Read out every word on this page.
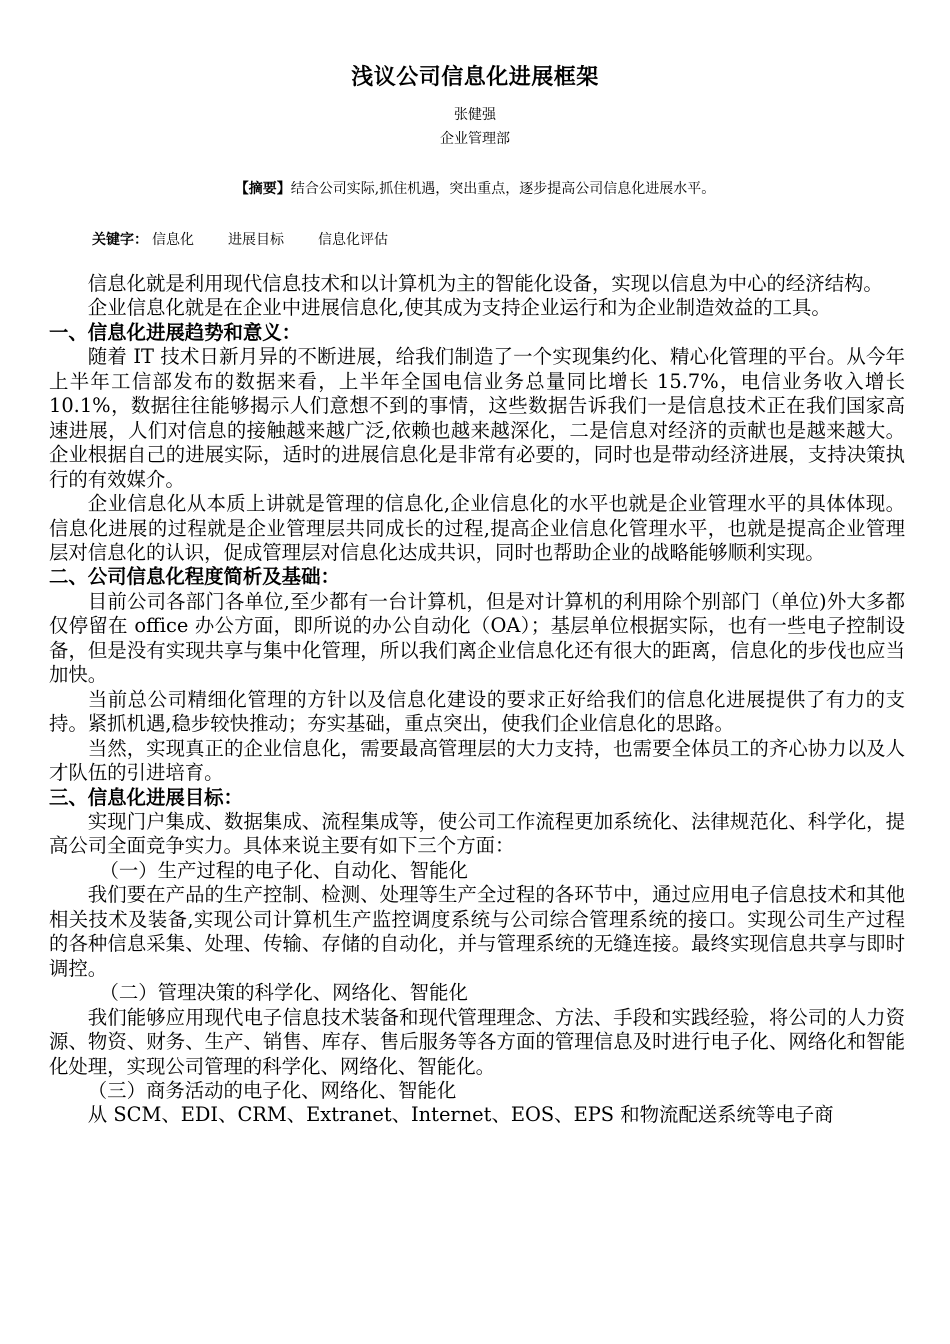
浅议公司信息化进展框架
张健强
企业管理部
【摘要】结合公司实际,抓住机遇，突出重点，逐步提高公司信息化进展水平。
关键字： 信息化 进展目标 信息化评估

信息化就是利用现代信息技术和以计算机为主的智能化设备，实现以信息为中心的经济结构。

企业信息化就是在企业中进展信息化,使其成为支持企业运行和为企业制造效益的工具。

一、信息化进展趋势和意义：

随着 IT 技术日新月异的不断进展，给我们制造了一个实现集约化、精心化管理的平台。从今年上半年工信部发布的数据来看，上半年全国电信业务总量同比增长 15.7%，电信业务收入增长 10.1%，数据往往能够揭示人们意想不到的事情，这些数据告诉我们一是信息技术正在我们国家高速进展，人们对信息的接触越来越广泛,依赖也越来越深化，二是信息对经济的贡献也是越来越大。企业根据自己的进展实际，适时的进展信息化是非常有必要的，同时也是带动经济进展，支持决策执行的有效媒介。

企业信息化从本质上讲就是管理的信息化,企业信息化的水平也就是企业管理水平的具体体现。信息化进展的过程就是企业管理层共同成长的过程,提高企业信息化管理水平，也就是提高企业管理层对信息化的认识，促成管理层对信息化达成共识，同时也帮助企业的战略能够顺利实现。

二、公司信息化程度简析及基础：

目前公司各部门各单位,至少都有一台计算机，但是对计算机的利用除个别部门（单位)外大多都仅停留在 office 办公方面，即所说的办公自动化（OA）；基层单位根据实际，也有一些电子控制设备，但是没有实现共享与集中化管理，所以我们离企业信息化还有很大的距离，信息化的步伐也应当加快。

当前总公司精细化管理的方针以及信息化建设的要求正好给我们的信息化进展提供了有力的支持。紧抓机遇,稳步较快推动；夯实基础，重点突出，使我们企业信息化的思路。

当然，实现真正的企业信息化，需要最高管理层的大力支持，也需要全体员工的齐心协力以及人才队伍的引进培育。

三、信息化进展目标：

实现门户集成、数据集成、流程集成等，使公司工作流程更加系统化、法律规范化、科学化，提高公司全面竞争实力。具体来说主要有如下三个方面：

（一）生产过程的电子化、自动化、智能化

我们要在产品的生产控制、检测、处理等生产全过程的各环节中，通过应用电子信息技术和其他相关技术及装备,实现公司计算机生产监控调度系统与公司综合管理系统的接口。实现公司生产过程的各种信息采集、处理、传输、存储的自动化，并与管理系统的无缝连接。最终实现信息共享与即时调控。

（二）管理决策的科学化、网络化、智能化

我们能够应用现代电子信息技术装备和现代管理理念、方法、手段和实践经验，将公司的人力资源、物资、财务、生产、销售、库存、售后服务等各方面的管理信息及时进行电子化、网络化和智能化处理，实现公司管理的科学化、网络化、智能化。

（三）商务活动的电子化、网络化、智能化

从 SCM、EDI、CRM、Extranet、Internet、EOS、EPS 和物流配送系统等电子商
